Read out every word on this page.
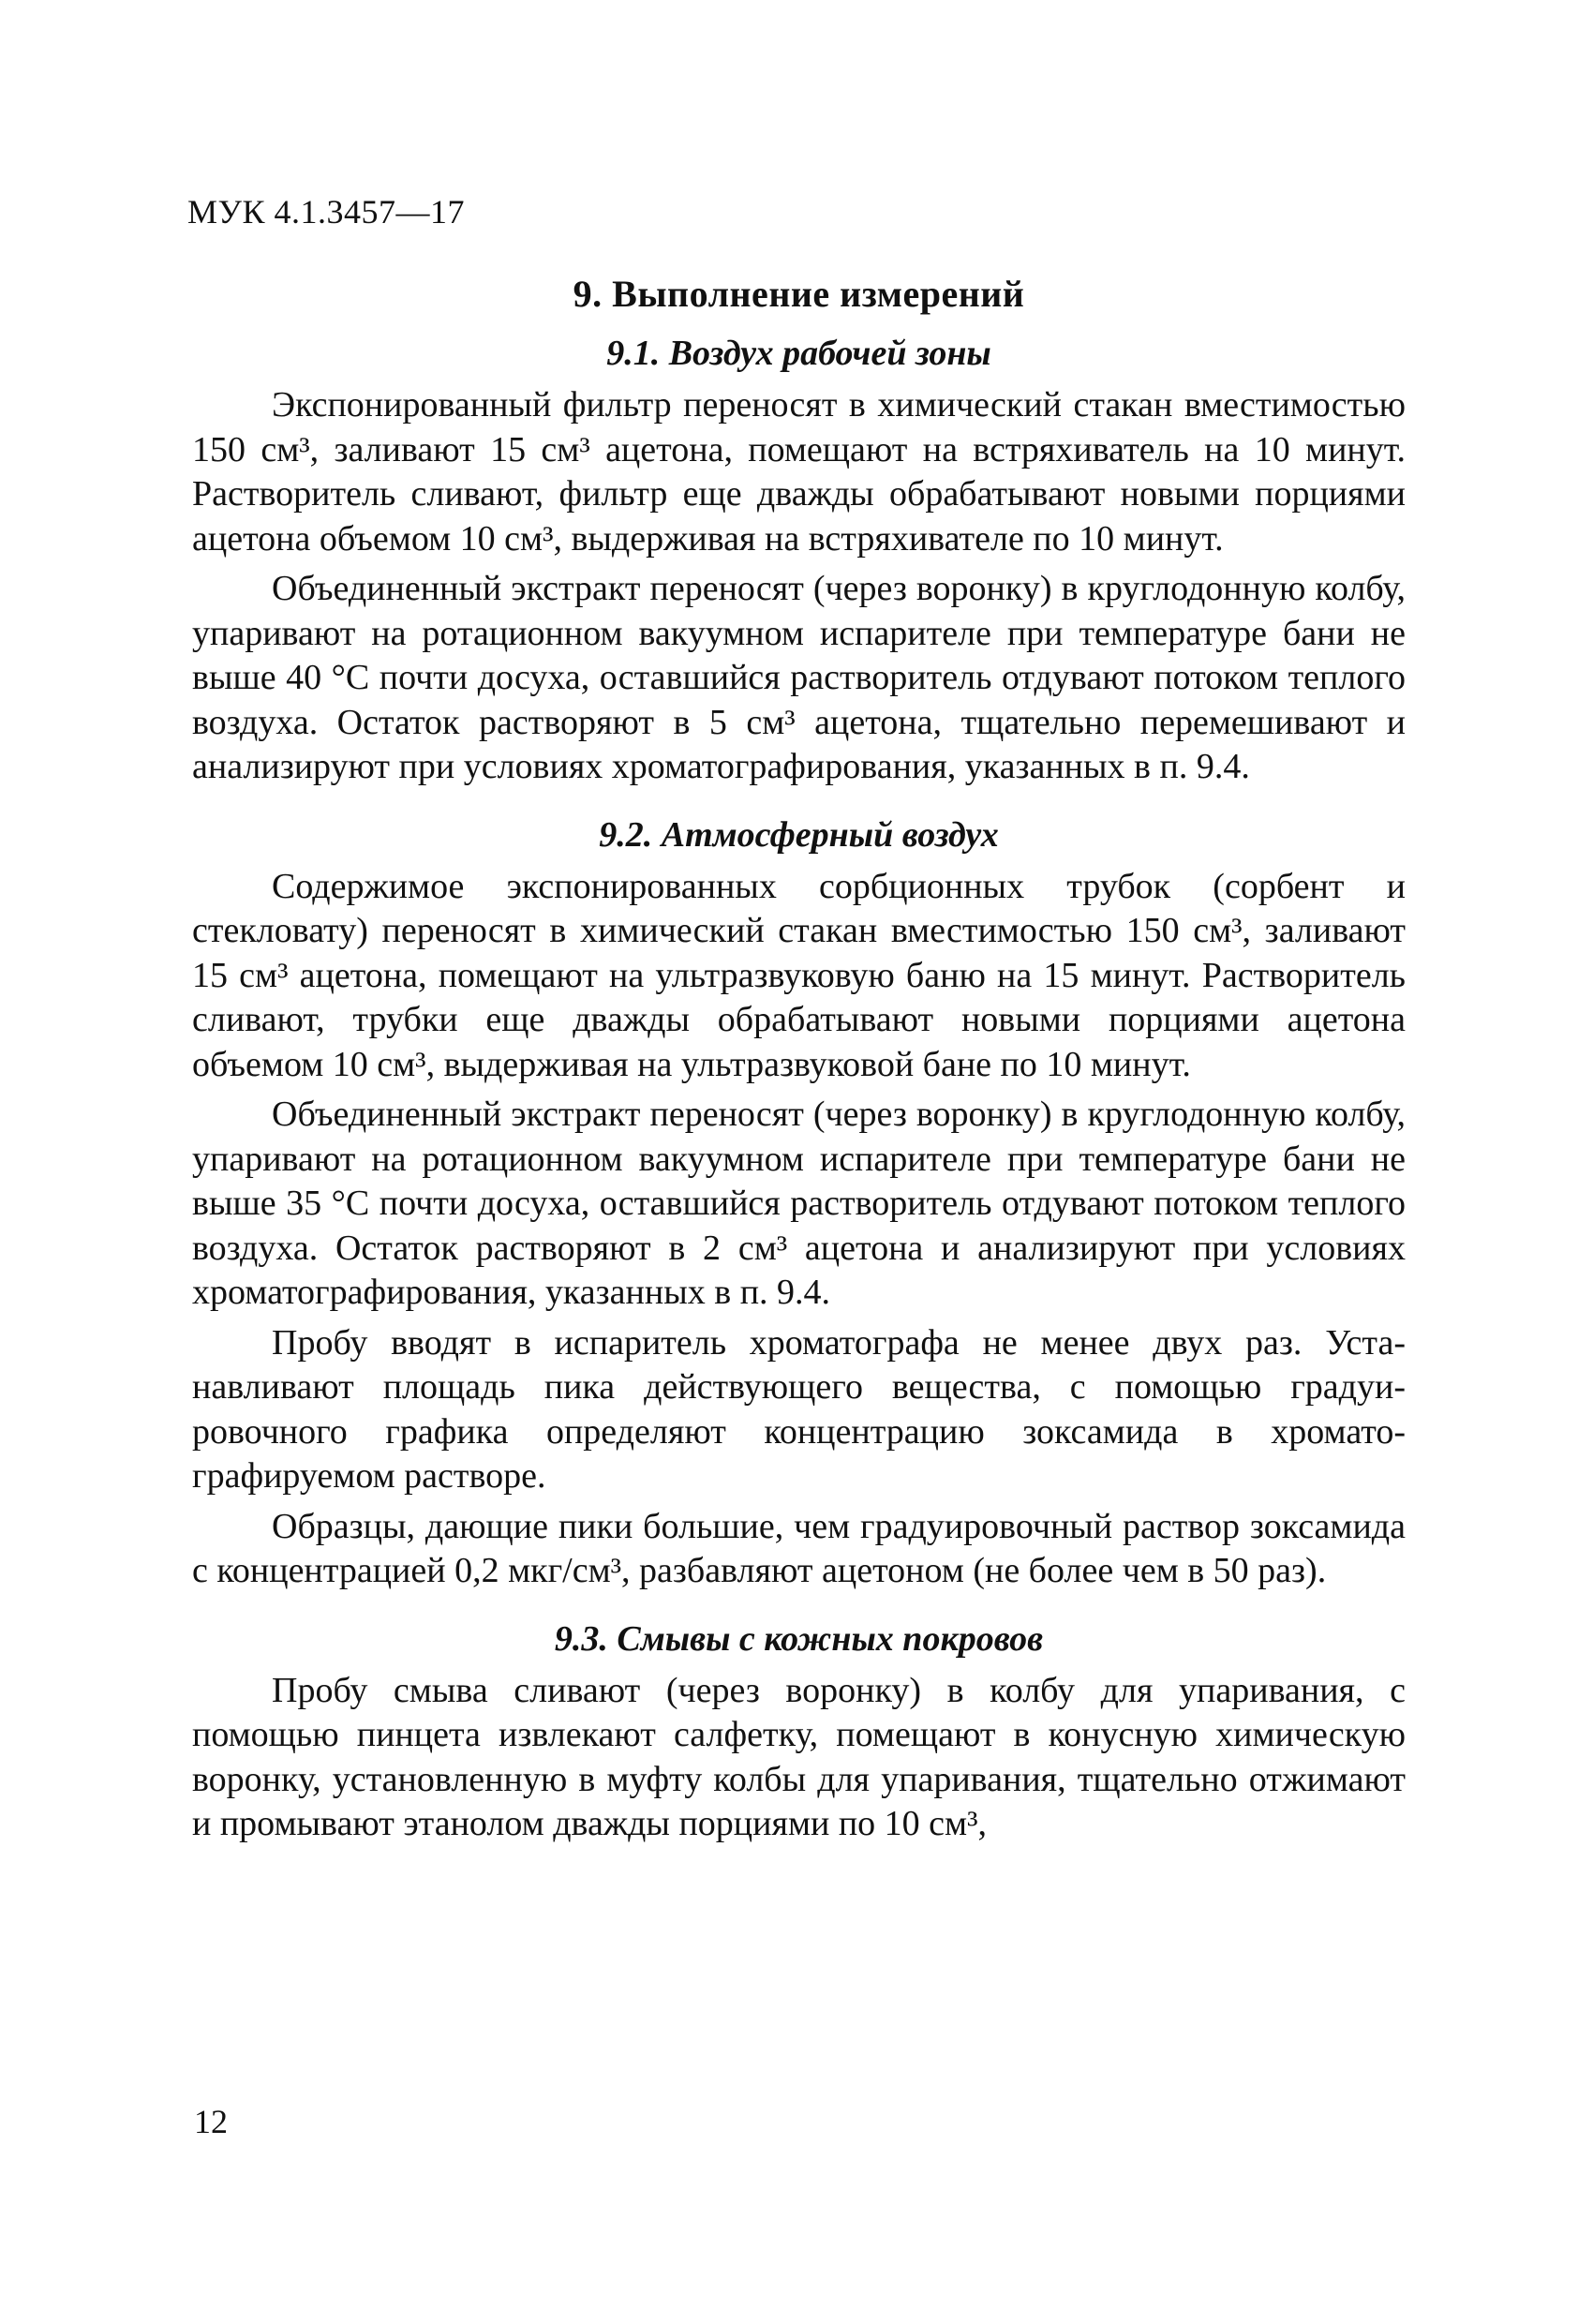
МУК 4.1.3457—17
9. Выполнение измерений
9.1. Воздух рабочей зоны

Экспонированный фильтр переносят в химический стакан вместимостью 150 см³, заливают 15 см³ ацетона, помещают на встряхиватель на 10 минут. Растворитель сливают, фильтр еще дважды обрабатывают новыми порциями ацетона объемом 10 см³, выдерживая на встряхивателе по 10 минут.

Объединенный экстракт переносят (через воронку) в круглодонную колбу, упаривают на ротационном вакуумном испарителе при температуре бани не выше 40 °С почти досуха, оставшийся растворитель отдувают потоком теплого воздуха. Остаток растворяют в 5 см³ ацетона, тщательно перемешивают и анализируют при условиях хроматографирования, указанных в п. 9.4.

9.2. Атмосферный воздух

Содержимое экспонированных сорбционных трубок (сорбент и стекловату) переносят в химический стакан вместимостью 150 см³, заливают 15 см³ ацетона, помещают на ультразвуковую баню на 15 минут. Растворитель сливают, трубки еще дважды обрабатывают новыми порциями ацетона объемом 10 см³, выдерживая на ультразвуковой бане по 10 минут.

Объединенный экстракт переносят (через воронку) в круглодонную колбу, упаривают на ротационном вакуумном испарителе при температуре бани не выше 35 °С почти досуха, оставшийся растворитель отдувают потоком теплого воздуха. Остаток растворяют в 2 см³ ацетона и анализируют при условиях хроматографирования, указанных в п. 9.4.

Пробу вводят в испаритель хроматографа не менее двух раз. Устанавливают площадь пика действующего вещества, с помощью градуировочного графика определяют концентрацию зоксамида в хроматографируемом растворе.

Образцы, дающие пики большие, чем градуировочный раствор зоксамида с концентрацией 0,2 мкг/см³, разбавляют ацетоном (не более чем в 50 раз).

9.3. Смывы с кожных покровов

Пробу смыва сливают (через воронку) в колбу для упаривания, с помощью пинцета извлекают салфетку, помещают в конусную химическую воронку, установленную в муфту колбы для упаривания, тщательно отжимают и промывают этанолом дважды порциями по 10 см³,

12
